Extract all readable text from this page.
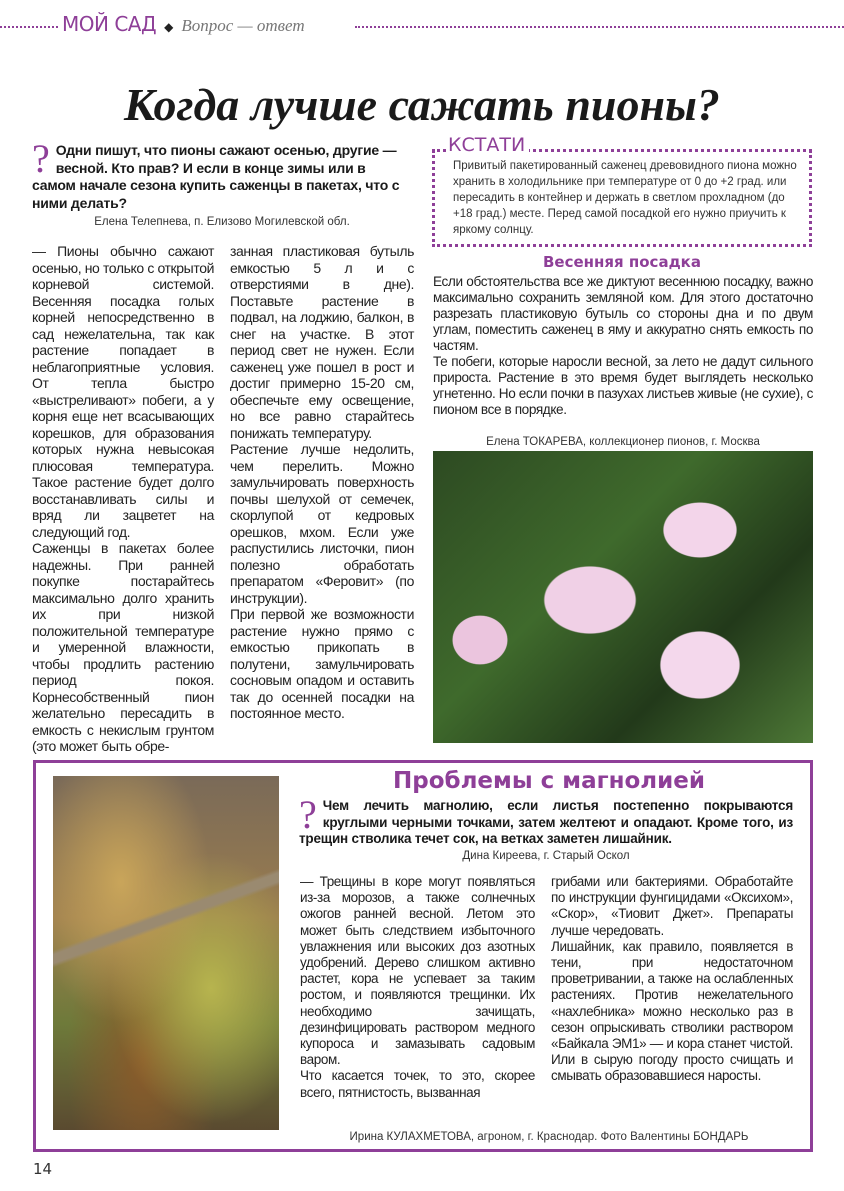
МОЙ САД ◆ Вопрос — ответ
Когда лучше сажать пионы?
? Одни пишут, что пионы сажают осенью, другие — весной. Кто прав? И если в конце зимы или в самом начале сезона купить саженцы в пакетах, что с ними делать?

Елена Телепнева, п. Елизово Могилевской обл.

— Пионы обычно сажают осенью, но только с открытой корневой системой. Весенняя посадка голых корней непосредственно в сад нежелательна, так как растение попадает в неблагоприятные условия. От тепла быстро «выстреливают» побеги, а у корня еще нет всасывающих корешков, для образования которых нужна невысокая плюсовая температура. Такое растение будет долго восстанавливать силы и вряд ли зацветет на следующий год.

Саженцы в пакетах более надежны. При ранней покупке постарайтесь максимально долго хранить их при низкой положительной температуре и умеренной влажности, чтобы продлить растению период покоя. Корнесобственный пион желательно пересадить в емкость с некислым грунтом (это может быть обре-

занная пластиковая бутыль емкостью 5 л и с отверстиями в дне). Поставьте растение в подвал, на лоджию, балкон, в снег на участке. В этот период свет не нужен. Если саженец уже пошел в рост и достиг примерно 15-20 см, обеспечьте ему освещение, но все равно старайтесь понижать температуру.

Растение лучше недолить, чем перелить. Можно замульчировать поверхность почвы шелухой от семечек, скорлупой от кедровых орешков, мхом. Если уже распустились листочки, пион полезно обработать препаратом «Феровит» (по инструкции).

При первой же возможности растение нужно прямо с емкостью прикопать в полутени, замульчировать сосновым опадом и оставить так до осенней посадки на постоянное место.

КСТАТИ

Привитый пакетированный саженец древовидного пиона можно хранить в холодильнике при температуре от 0 до +2 град. или пересадить в контейнер и держать в светлом прохладном (до +18 град.) месте. Перед самой посадкой его нужно приучить к яркому солнцу.

Весенняя посадка

Если обстоятельства все же диктуют весеннюю посадку, важно максимально сохранить земляной ком. Для этого достаточно разрезать пластиковую бутыль со стороны дна и по двум углам, поместить саженец в яму и аккуратно снять емкость по частям.

Те побеги, которые наросли весной, за лето не дадут сильного прироста. Растение в это время будет выглядеть несколько угнетенно. Но если почки в пазухах листьев живые (не сухие), с пионом все в порядке.

Елена ТОКАРЕВА, коллекционер пионов, г. Москва

Проблемы с магнолией
? Чем лечить магнолию, если листья постепенно покрываются круглыми черными точками, затем желтеют и опадают. Кроме того, из трещин стволика течет сок, на ветках заметен лишайник.

Дина Киреева, г. Старый Оскол

— Трещины в коре могут появляться из-за морозов, а также солнечных ожогов ранней весной. Летом это может быть следствием избыточного увлажнения или высоких доз азотных удобрений. Дерево слишком активно растет, кора не успевает за таким ростом, и появляются трещинки. Их необходимо зачищать, дезинфицировать раствором медного купороса и замазывать садовым варом.

Что касается точек, то это, скорее всего, пятнистость, вызванная

грибами или бактериями. Обработайте по инструкции фунгицидами «Оксихом», «Скор», «Тиовит Джет». Препараты лучше чередовать.

Лишайник, как правило, появляется в тени, при недостаточном проветривании, а также на ослабленных растениях. Против нежелательного «нахлебника» можно несколько раз в сезон опрыскивать стволики раствором «Байкала ЭМ1» — и кора станет чистой. Или в сырую погоду просто счищать и смывать образовавшиеся наросты.

Ирина КУЛАХМЕТОВА, агроном, г. Краснодар. Фото Валентины БОНДАРЬ

14
